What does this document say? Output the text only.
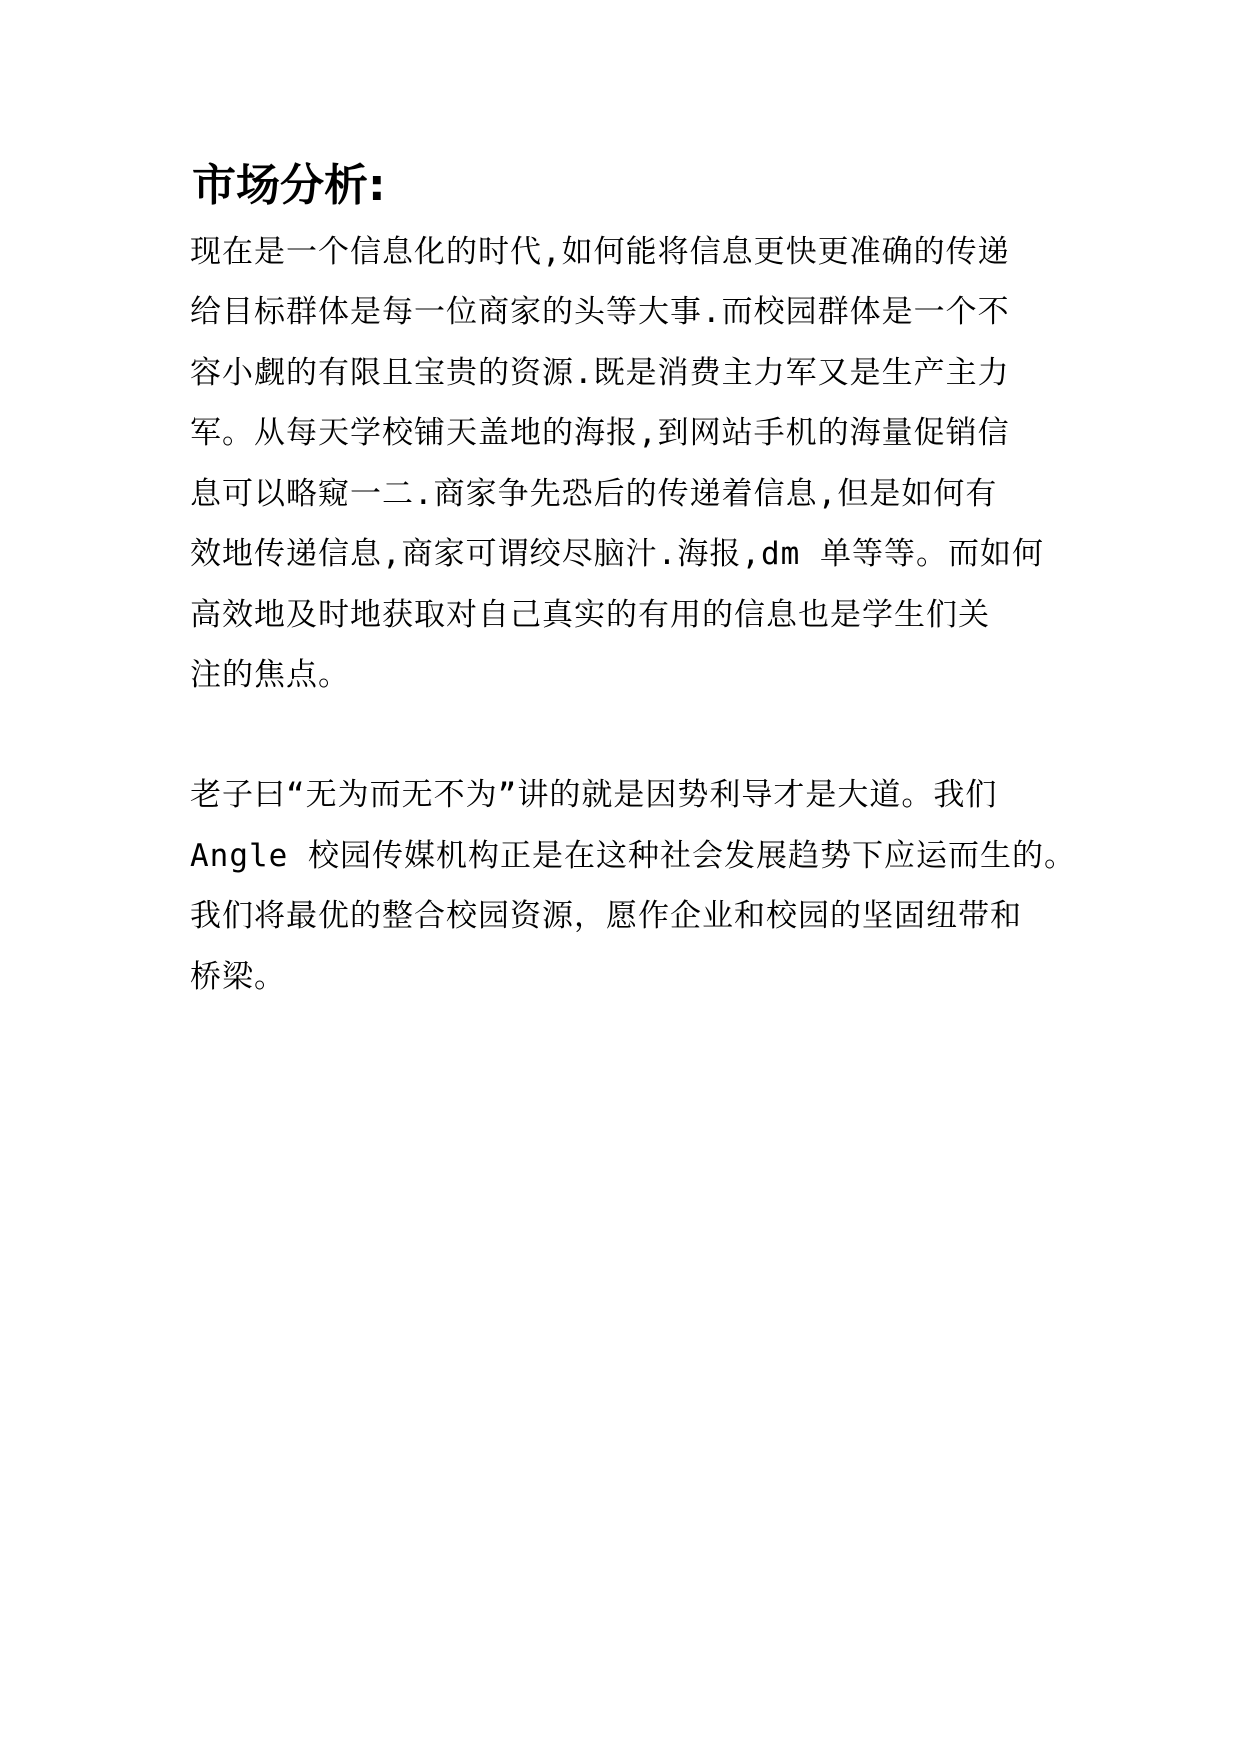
市场分析:
现在是一个信息化的时代,如何能将信息更快更准确的传递
给目标群体是每一位商家的头等大事.而校园群体是一个不
容小觑的有限且宝贵的资源.既是消费主力军又是生产主力
军。从每天学校铺天盖地的海报,到网站手机的海量促销信
息可以略窥一二.商家争先恐后的传递着信息,但是如何有
效地传递信息,商家可谓绞尽脑汁.海报,dm 单等等。而如何
高效地及时地获取对自己真实的有用的信息也是学生们关
注的焦点。
老子曰“无为而无不为”讲的就是因势利导才是大道。我们
Angle 校园传媒机构正是在这种社会发展趋势下应运而生的。
我们将最优的整合校园资源，愿作企业和校园的坚固纽带和
桥梁。
